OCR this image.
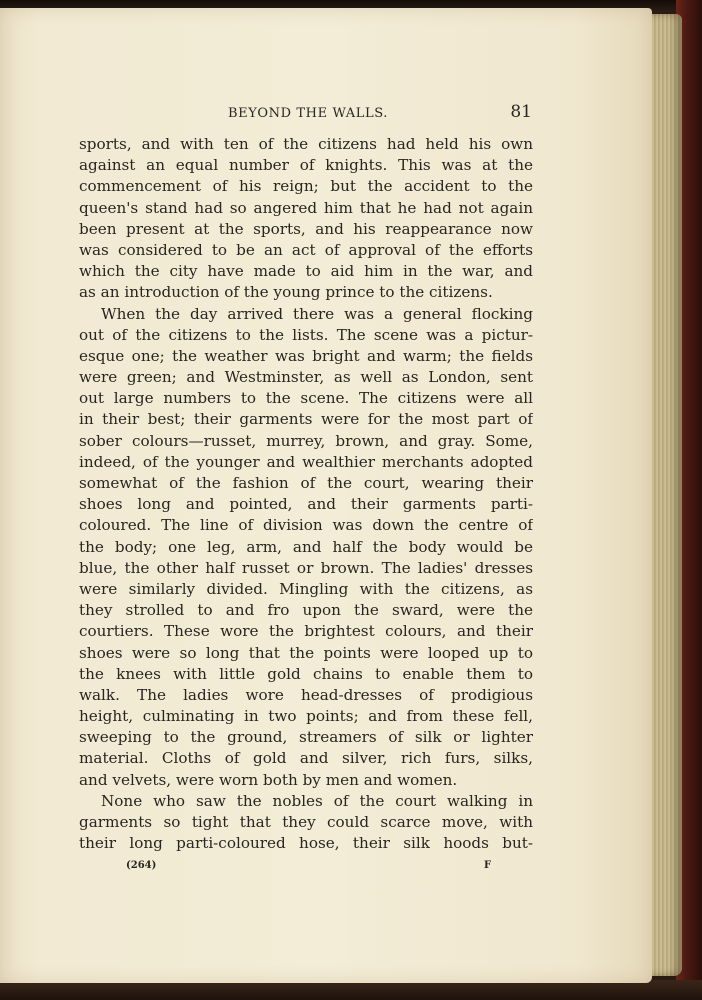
BEYOND THE WALLS.	81
sports, and with ten of the citizens had held his own
against an equal number of knights. This was at the
commencement of his reign; but the accident to the
queen's stand had so angered him that he had not again
been present at the sports, and his reappearance now
was considered to be an act of approval of the efforts
which the city have made to aid him in the war, and
as an introduction of the young prince to the citizens.
When the day arrived there was a general flocking
out of the citizens to the lists. The scene was a pictur-
esque one; the weather was bright and warm; the fields
were green; and Westminster, as well as London, sent
out large numbers to the scene. The citizens were all
in their best; their garments were for the most part of
sober colours—russet, murrey, brown, and gray. Some,
indeed, of the younger and wealthier merchants adopted
somewhat of the fashion of the court, wearing their
shoes long and pointed, and their garments parti-
coloured. The line of division was down the centre of
the body; one leg, arm, and half the body would be
blue, the other half russet or brown. The ladies' dresses
were similarly divided. Mingling with the citizens, as
they strolled to and fro upon the sward, were the
courtiers. These wore the brightest colours, and their
shoes were so long that the points were looped up to
the knees with little gold chains to enable them to
walk. The ladies wore head-dresses of prodigious
height, culminating in two points; and from these fell,
sweeping to the ground, streamers of silk or lighter
material. Cloths of gold and silver, rich furs, silks,
and velvets, were worn both by men and women.
None who saw the nobles of the court walking in
garments so tight that they could scarce move, with
their long parti-coloured hose, their silk hoods but-
(264)	F
